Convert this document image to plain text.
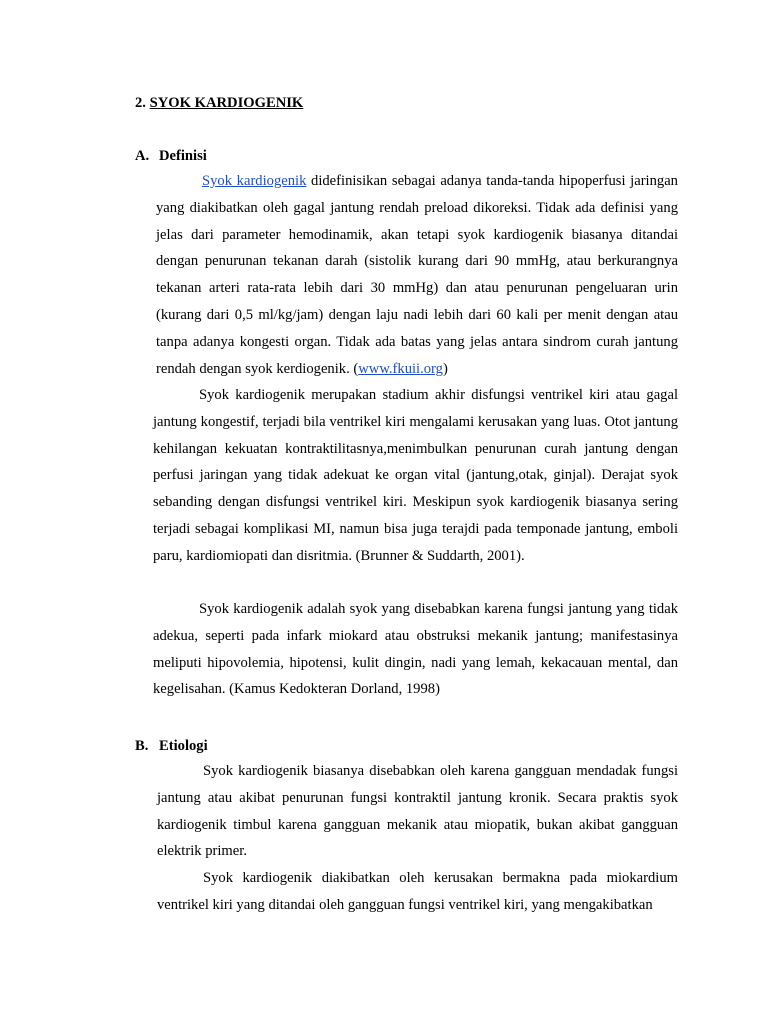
2. SYOK KARDIOGENIK
A. Definisi

Syok kardiogenik didefinisikan sebagai adanya tanda-tanda hipoperfusi jaringan yang diakibatkan oleh gagal jantung rendah preload dikoreksi. Tidak ada definisi yang jelas dari parameter hemodinamik, akan tetapi syok kardiogenik biasanya ditandai dengan penurunan tekanan darah (sistolik kurang dari 90 mmHg, atau berkurangnya tekanan arteri rata-rata lebih dari 30 mmHg) dan atau penurunan pengeluaran urin (kurang dari 0,5 ml/kg/jam) dengan laju nadi lebih dari 60 kali per menit dengan atau tanpa adanya kongesti organ. Tidak ada batas yang jelas antara sindrom curah jantung rendah dengan syok kerdiogenik. (www.fkuii.org)

Syok kardiogenik merupakan stadium akhir disfungsi ventrikel kiri atau gagal jantung kongestif, terjadi bila ventrikel kiri mengalami kerusakan yang luas. Otot jantung kehilangan kekuatan kontraktilitasnya,menimbulkan penurunan curah jantung dengan perfusi jaringan yang tidak adekuat ke organ vital (jantung,otak, ginjal). Derajat syok sebanding dengan disfungsi ventrikel kiri. Meskipun syok kardiogenik biasanya sering terjadi sebagai komplikasi MI, namun bisa juga terajdi pada temponade jantung, emboli paru, kardiomiopati dan disritmia. (Brunner & Suddarth, 2001).

Syok kardiogenik adalah syok yang disebabkan karena fungsi jantung yang tidak adekua, seperti pada infark miokard atau obstruksi mekanik jantung; manifestasinya meliputi hipovolemia, hipotensi, kulit dingin, nadi yang lemah, kekacauan mental, dan kegelisahan. (Kamus Kedokteran Dorland, 1998)

B. Etiologi

Syok kardiogenik biasanya disebabkan oleh karena gangguan mendadak fungsi jantung atau akibat penurunan fungsi kontraktil jantung kronik. Secara praktis syok kardiogenik timbul karena gangguan mekanik atau miopatik, bukan akibat gangguan elektrik primer.

Syok kardiogenik diakibatkan oleh kerusakan bermakna pada miokardium ventrikel kiri yang ditandai oleh gangguan fungsi ventrikel kiri, yang mengakibatkan
